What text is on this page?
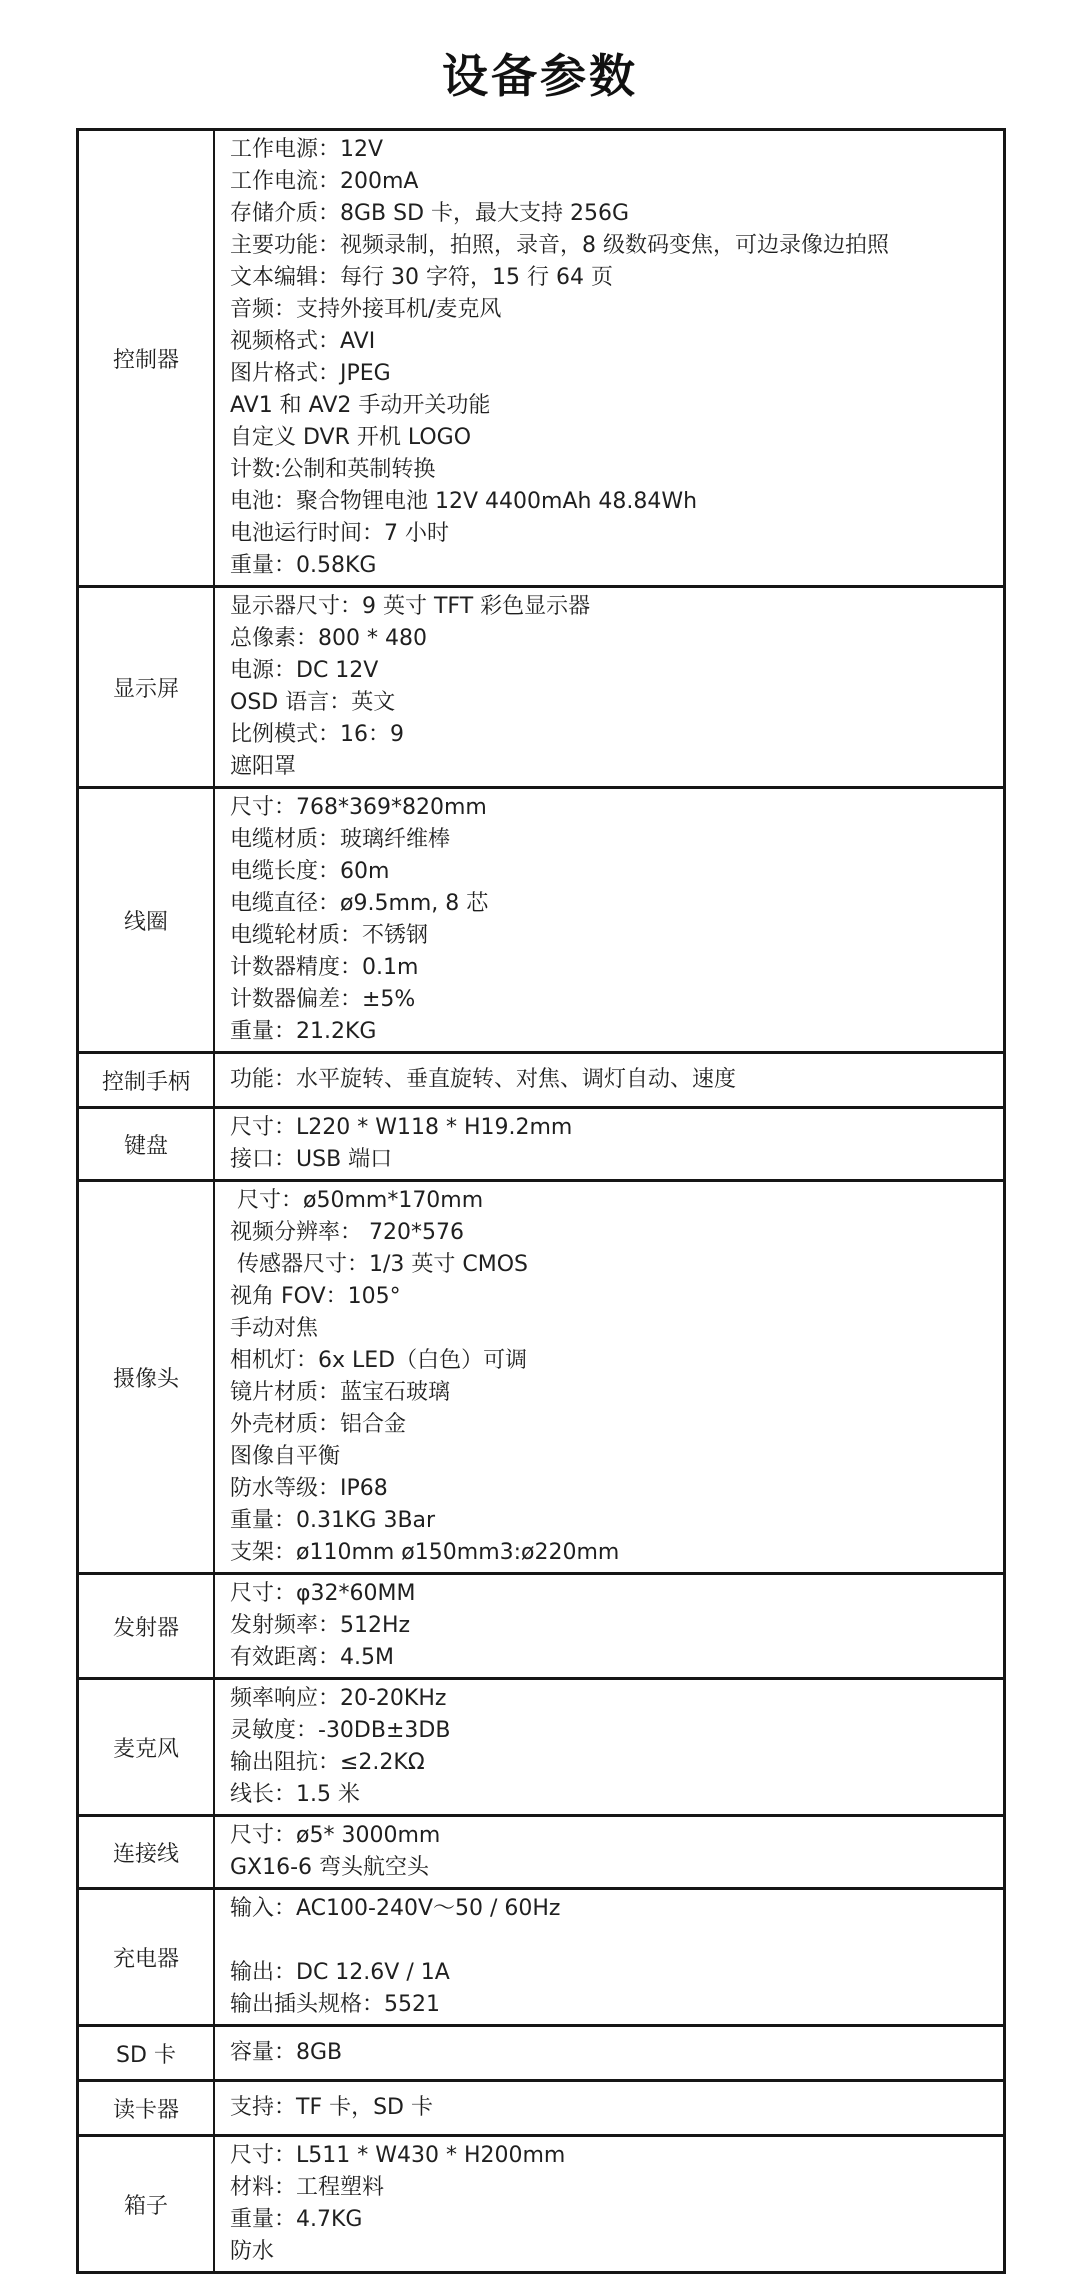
设备参数
控制器	
工作电源：12V
工作电流：200mA
存储介质：8GB SD 卡，最大支持 256G
主要功能：视频录制，拍照，录音，8 级数码变焦，可边录像边拍照
文本编辑：每行 30 字符，15 行 64 页
音频：支持外接耳机/麦克风
视频格式：AVI
图片格式：JPEG
AV1 和 AV2 手动开关功能
自定义 DVR 开机 LOGO
计数:公制和英制转换
电池：聚合物锂电池 12V 4400mAh 48.84Wh
电池运行时间：7 小时
重量：0.58KG

显示屏	
显示器尺寸：9 英寸 TFT 彩色显示器
总像素：800 * 480
电源：DC 12V
OSD 语言：英文
比例模式：16：9
遮阳罩

线圈	
尺寸：768*369*820mm
电缆材质：玻璃纤维棒
电缆长度：60m
电缆直径：ø9.5mm, 8 芯
电缆轮材质：不锈钢
计数器精度：0.1m
计数器偏差：±5%
重量：21.2KG

控制手柄	功能：水平旋转、垂直旋转、对焦、调灯自动、速度

键盘	尺寸：L220 * W118 * H19.2mm
接口：USB 端口

摄像头	
尺寸：ø50mm*170mm
视频分辨率： 720*576
传感器尺寸：1/3 英寸 CMOS
视角 FOV：105°
手动对焦
相机灯：6x LED（白色）可调
镜片材质：蓝宝石玻璃
外壳材质：铝合金
图像自平衡
防水等级：IP68
重量：0.31KG 3Bar
支架：ø110mm ø150mm3:ø220mm

发射器	尺寸：φ32*60MM
发射频率：512Hz
有效距离：4.5M

麦克风	频率响应：20-20KHz
灵敏度：-30DB±3DB
输出阻抗：≤2.2KΩ
线长：1.5 米

连接线	尺寸：ø5* 3000mm
GX16-6 弯头航空头

充电器	输入：AC100-240V〜50 / 60Hz
输出：DC 12.6V / 1A
输出插头规格：5521

SD 卡	容量：8GB

读卡器	支持：TF 卡，SD 卡

箱子	尺寸：L511 * W430 * H200mm
材料：工程塑料
重量：4.7KG
防水
